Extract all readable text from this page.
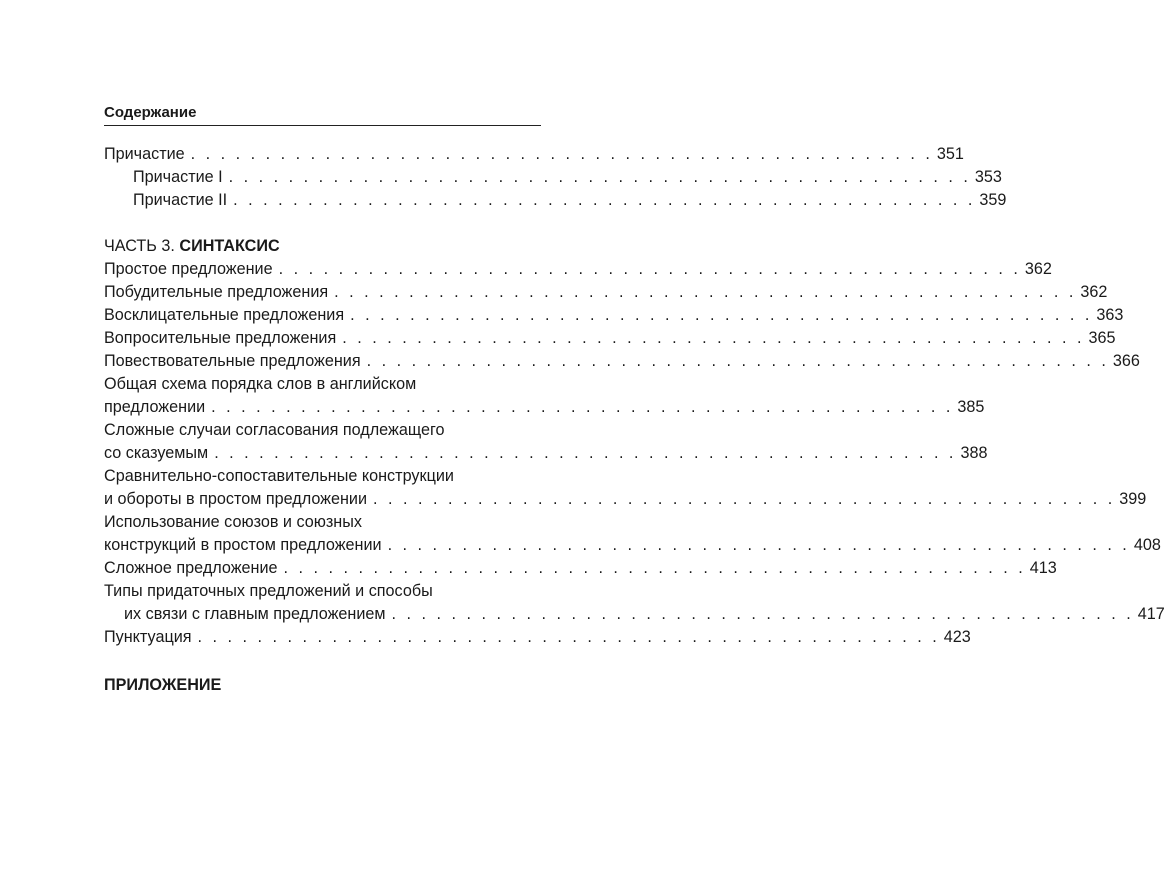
Содержание
Причастие . . . . . . . . . . . . . . . . . . . . . . . . . . . . . . . . . . . . . . . . . . . . . . . . . . 351
Причастие I . . . . . . . . . . . . . . . . . . . . . . . . . . . . . . . . . . . . . . . . . . . . . . . . . . 353
Причастие II . . . . . . . . . . . . . . . . . . . . . . . . . . . . . . . . . . . . . . . . . . . . . . . . . . 359
ЧАСТЬ 3. СИНТАКСИС
Простое предложение . . . . . . . . . . . . . . . . . . . . . . . . . . . . . . . . . . . . . . . . . . . . . . . . . . 362
Побудительные предложения . . . . . . . . . . . . . . . . . . . . . . . . . . . . . . . . . . . . . . . . . . . . . . . . . . 362
Восклицательные предложения . . . . . . . . . . . . . . . . . . . . . . . . . . . . . . . . . . . . . . . . . . . . . . . . . . 363
Вопросительные предложения . . . . . . . . . . . . . . . . . . . . . . . . . . . . . . . . . . . . . . . . . . . . . . . . . . 365
Повествовательные предложения . . . . . . . . . . . . . . . . . . . . . . . . . . . . . . . . . . . . . . . . . . . . . . . . . . 366
Общая схема порядка слов в английском
предложении . . . . . . . . . . . . . . . . . . . . . . . . . . . . . . . . . . . . . . . . . . . . . . . . . . 385
Сложные случаи согласования подлежащего
со сказуемым . . . . . . . . . . . . . . . . . . . . . . . . . . . . . . . . . . . . . . . . . . . . . . . . . . 388
Сравнительно-сопоставительные конструкции
и обороты в простом предложении . . . . . . . . . . . . . . . . . . . . . . . . . . . . . . . . . . . . . . . . . . . . . . . . . . 399
Использование союзов и союзных
конструкций в простом предложении . . . . . . . . . . . . . . . . . . . . . . . . . . . . . . . . . . . . . . . . . . . . . . . . . . 408
Сложное предложение . . . . . . . . . . . . . . . . . . . . . . . . . . . . . . . . . . . . . . . . . . . . . . . . . . 413
Типы придаточных предложений и способы
их связи с главным предложением . . . . . . . . . . . . . . . . . . . . . . . . . . . . . . . . . . . . . . . . . . . . . . . . . . 417
Пунктуация . . . . . . . . . . . . . . . . . . . . . . . . . . . . . . . . . . . . . . . . . . . . . . . . . . 423
ПРИЛОЖЕНИЕ
